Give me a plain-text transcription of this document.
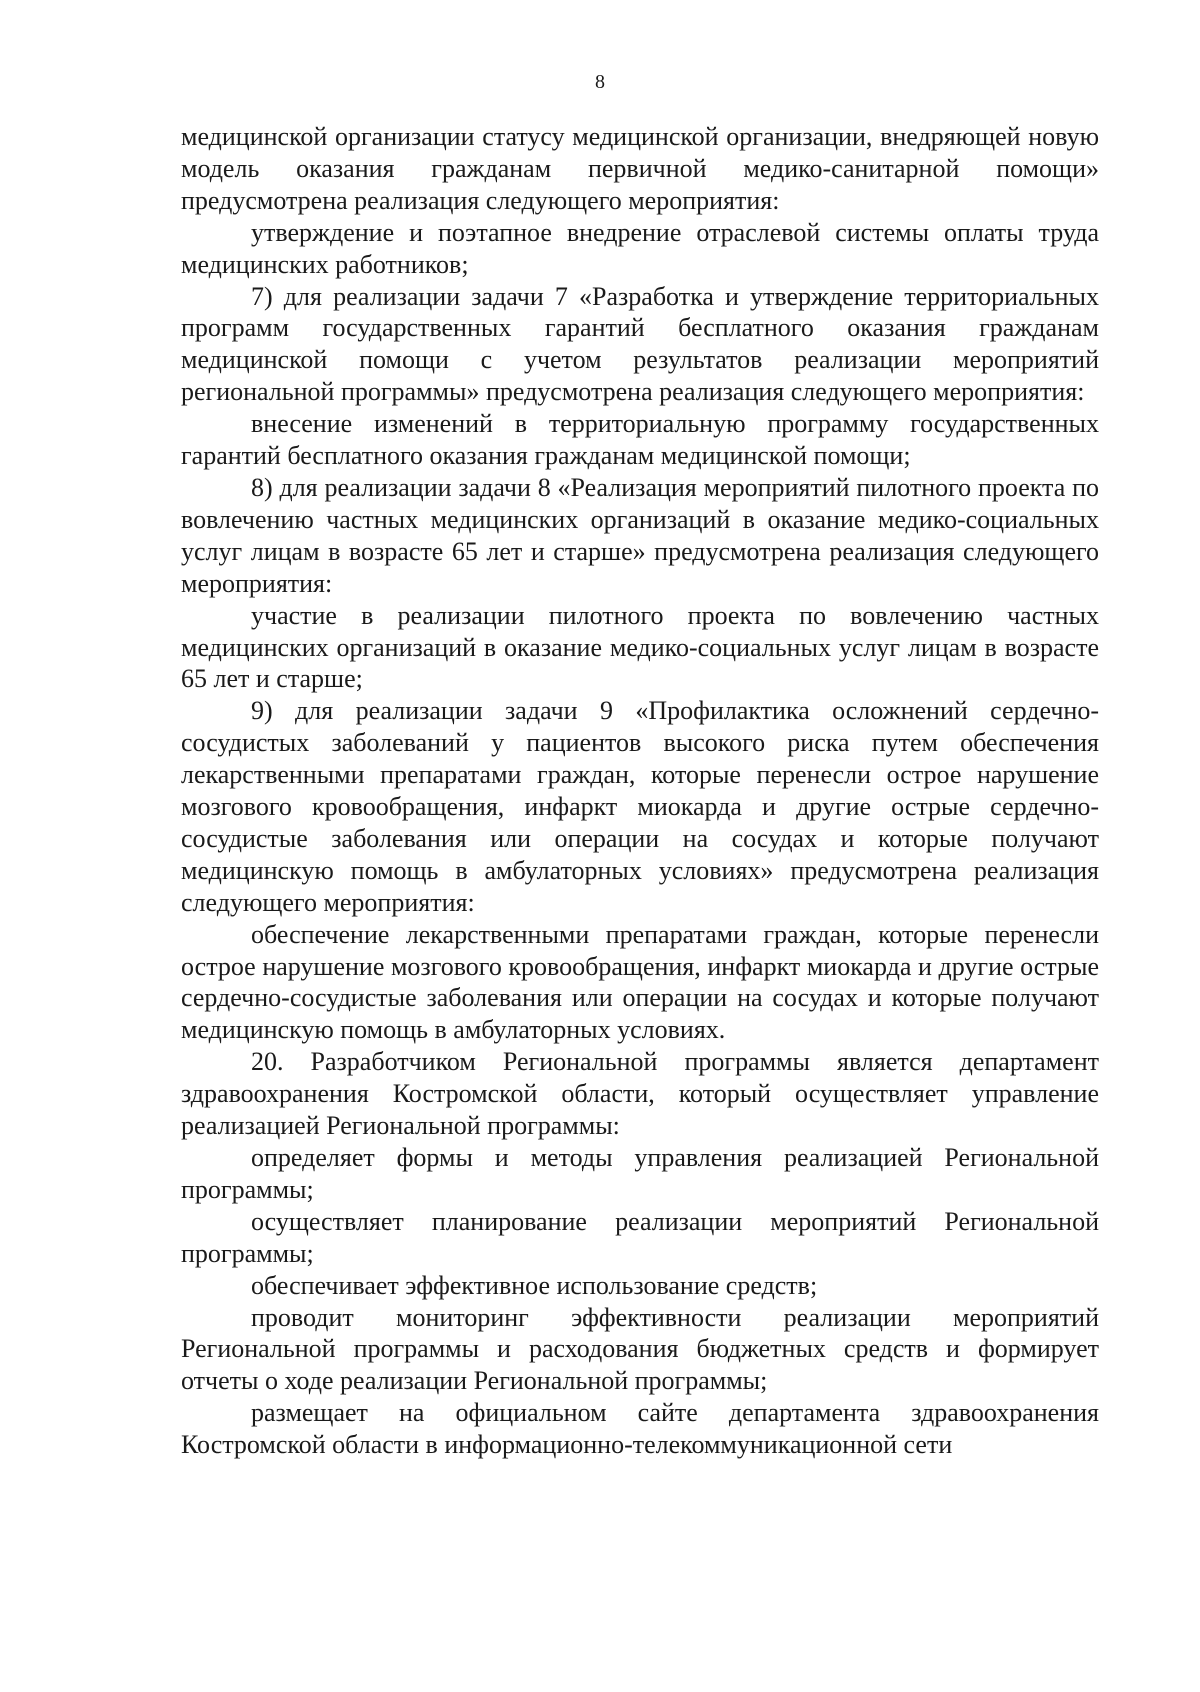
8

медицинской организации статусу медицинской организации, внедряющей новую модель оказания гражданам первичной медико-санитарной помощи» предусмотрена реализация следующего мероприятия:

утверждение и поэтапное внедрение отраслевой системы оплаты труда медицинских работников;

7) для реализации задачи 7 «Разработка и утверждение территориальных программ государственных гарантий бесплатного оказания гражданам медицинской помощи с учетом результатов реализации мероприятий региональной программы» предусмотрена реализация следующего мероприятия:

внесение изменений в территориальную программу государственных гарантий бесплатного оказания гражданам медицинской помощи;

8) для реализации задачи 8 «Реализация мероприятий пилотного проекта по вовлечению частных медицинских организаций в оказание медико-социальных услуг лицам в возрасте 65 лет и старше» предусмотрена реализация следующего мероприятия:

участие в реализации пилотного проекта по вовлечению частных медицинских организаций в оказание медико-социальных услуг лицам в возрасте 65 лет и старше;

9) для реализации задачи 9 «Профилактика осложнений сердечно-сосудистых заболеваний у пациентов высокого риска путем обеспечения лекарственными препаратами граждан, которые перенесли острое нарушение мозгового кровообращения, инфаркт миокарда и другие острые сердечно-сосудистые заболевания или операции на сосудах и которые получают медицинскую помощь в амбулаторных условиях» предусмотрена реализация следующего мероприятия:

обеспечение лекарственными препаратами граждан, которые перенесли острое нарушение мозгового кровообращения, инфаркт миокарда и другие острые сердечно-сосудистые заболевания или операции на сосудах и которые получают медицинскую помощь в амбулаторных условиях.

20. Разработчиком Региональной программы является департамент здравоохранения Костромской области, который осуществляет управление реализацией Региональной программы:

определяет формы и методы управления реализацией Региональной программы;

осуществляет планирование реализации мероприятий Региональной программы;

обеспечивает эффективное использование средств;

проводит мониторинг эффективности реализации мероприятий Региональной программы и расходования бюджетных средств и формирует отчеты о ходе реализации Региональной программы;

размещает на официальном сайте департамента здравоохранения Костромской области в информационно-телекоммуникационной сети
